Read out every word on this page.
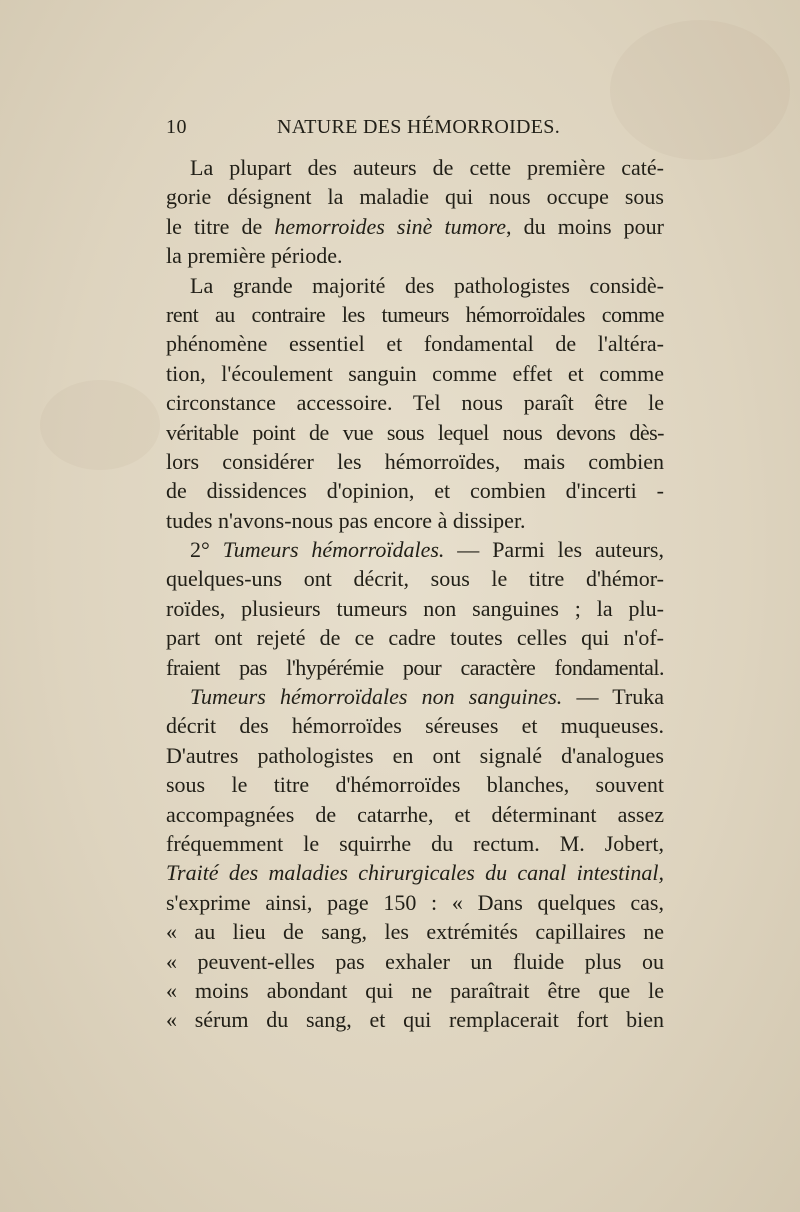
10	NATURE DES HÉMORROIDES.
La plupart des auteurs de cette première caté-
gorie désignent la maladie qui nous occupe sous
le titre de hemorroides sinè tumore, du moins pour
la première période.
La grande majorité des pathologistes considè-
rent au contraire les tumeurs hémorroïdales comme
phénomène essentiel et fondamental de l'altéra-
tion, l'écoulement sanguin comme effet et comme
circonstance accessoire. Tel nous paraît être le
véritable point de vue sous lequel nous devons dès-
lors considérer les hémorroïdes, mais combien
de dissidences d'opinion, et combien d'incerti -
tudes n'avons-nous pas encore à dissiper.
2° Tumeurs hémorroïdales. — Parmi les auteurs,
quelques-uns ont décrit, sous le titre d'hémor-
roïdes, plusieurs tumeurs non sanguines ; la plu-
part ont rejeté de ce cadre toutes celles qui n'of-
fraient pas l'hypérémie pour caractère fondamental.
Tumeurs hémorroïdales non sanguines. — Truka
décrit des hémorroïdes séreuses et muqueuses.
D'autres pathologistes en ont signalé d'analogues
sous le titre d'hémorroïdes blanches, souvent
accompagnées de catarrhe, et déterminant assez
fréquemment le squirrhe du rectum. M. Jobert,
Traité des maladies chirurgicales du canal intestinal,
s'exprime ainsi, page 150 : « Dans quelques cas,
« au lieu de sang, les extrémités capillaires ne
« peuvent-elles pas exhaler un fluide plus ou
« moins abondant qui ne paraîtrait être que le
« sérum du sang, et qui remplacerait fort bien
